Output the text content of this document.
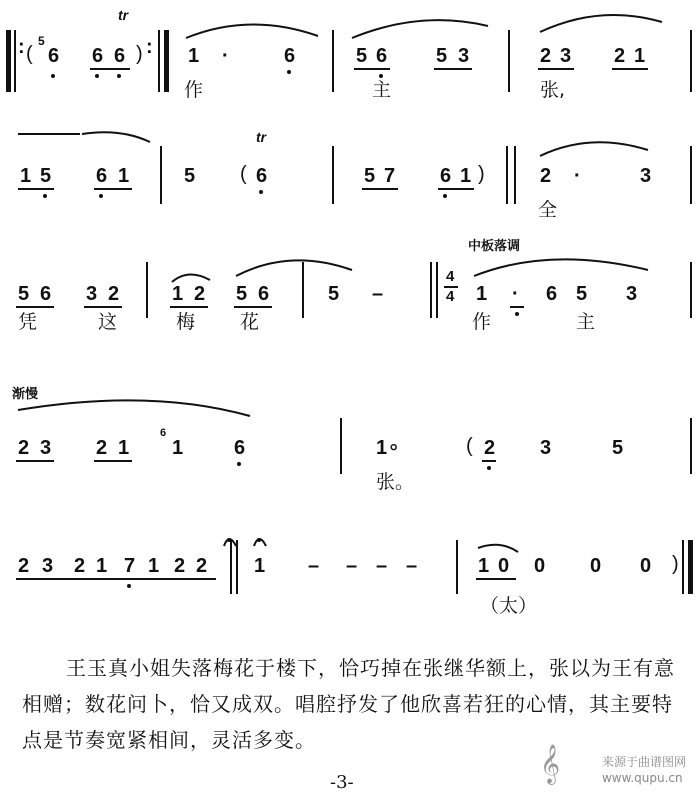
: (
5
6 6 6 ) :
tr
1 ·	6	5 6 5 3	2 3 2 1
作	主	张,
1 5 6 1	5 (
tr
6	5 7 6 1 )	2 ·	3
全
5 6 3 2	1 2 5 6	5 –
中板落调
4
4 1 · 6 5 3
凭	这	梅 花	作	主
渐慢
2 3 2 1
6
1	6	1 。	( 2 3	5
张。
2 3 2 1 7 1 2 2 1 – – – –	1 0 0 0 0 )
（太）
王玉真小姐失落梅花于楼下，恰巧掉在张继华额上，张以为王有意相赠；数花问卜，恰又成双。唱腔抒发了他欣喜若狂的心情，其主要特点是节奏宽紧相间，灵活多变。
-3-	𝄞	来源于曲谱图网
www.qupu.cn
